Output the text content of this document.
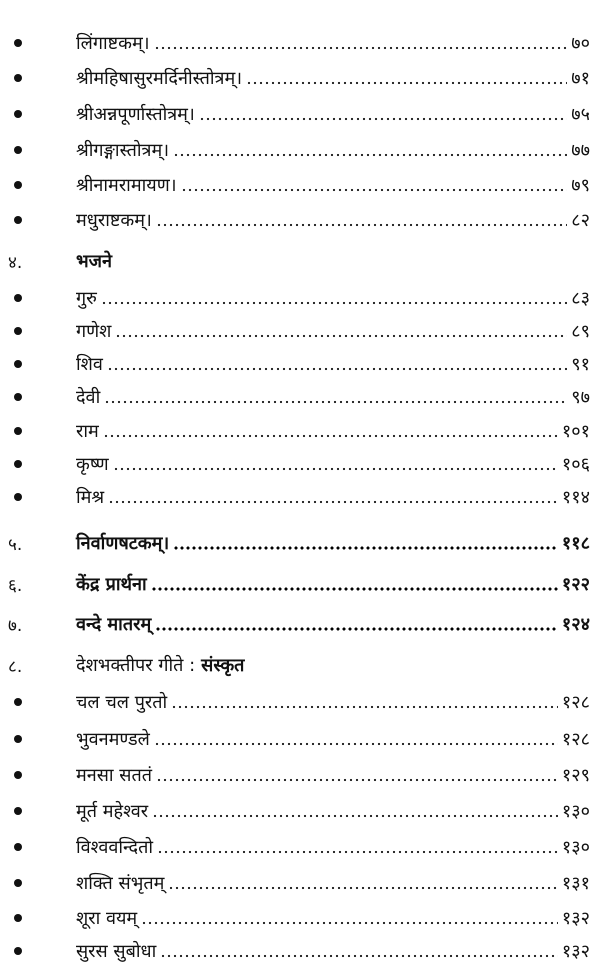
लिंगाष्टकम्।	७०
श्रीमहिषासुरमर्दिनीस्तोत्रम्।	७१
श्रीअन्नपूर्णास्तोत्रम्।	७५
श्रीगङ्गास्तोत्रम्।	७७
श्रीनामरामायण।	७९
मधुराष्टकम्।	८२
४.	भजने
गुरु	८३
गणेश	८९
शिव	९१
देवी	९७
राम	१०१
कृष्ण	१०६
मिश्र	११४
५.	निर्वाणषटकम्।	११८
६.	केंद्र प्रार्थना	१२२
७.	वन्दे मातरम्	१२४
८.	देशभक्तीपर गीते : संस्कृत
चल चल पुरतो	१२८
भुवनमण्डले	१२८
मनसा सततं	१२९
मूर्त महेश्वर	१३०
विश्ववन्दितो	१३०
शक्ति संभृतम्	१३१
शूरा वयम्	१३२
सुरस सुबोधा	१३२
